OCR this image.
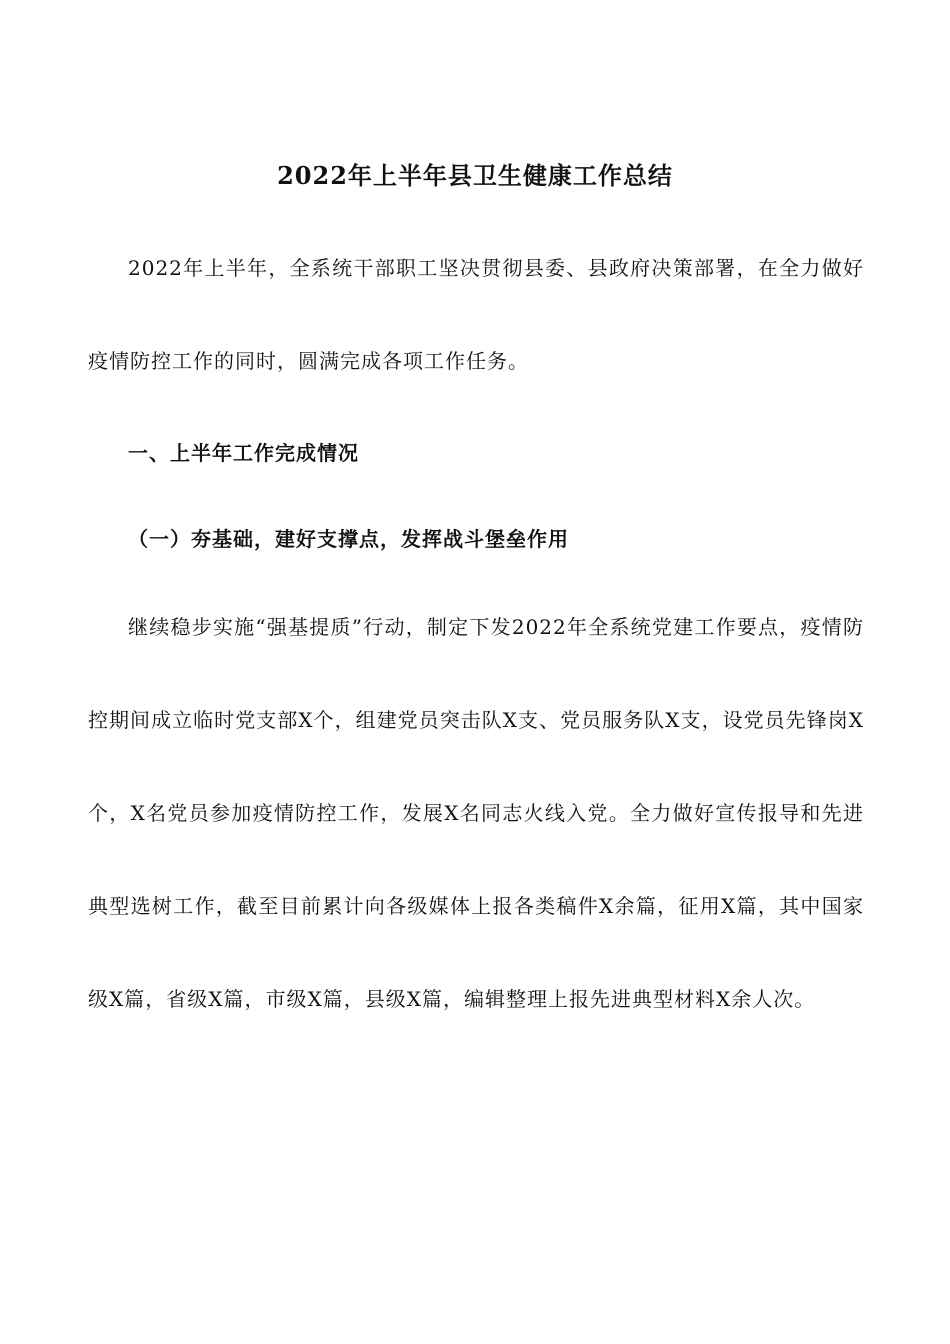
2022年上半年县卫生健康工作总结

2022年上半年，全系统干部职工坚决贯彻县委、县政府决策部署，在全力做好疫情防控工作的同时，圆满完成各项工作任务。

一、上半年工作完成情况

（一）夯基础，建好支撑点，发挥战斗堡垒作用

继续稳步实施“强基提质”行动，制定下发2022年全系统党建工作要点，疫情防控期间成立临时党支部X个，组建党员突击队X支、党员服务队X支，设党员先锋岗X个，X名党员参加疫情防控工作，发展X名同志火线入党。全力做好宣传报导和先进典型选树工作，截至目前累计向各级媒体上报各类稿件X余篇，征用X篇，其中国家级X篇，省级X篇，市级X篇，县级X篇，编辑整理上报先进典型材料X余人次。
